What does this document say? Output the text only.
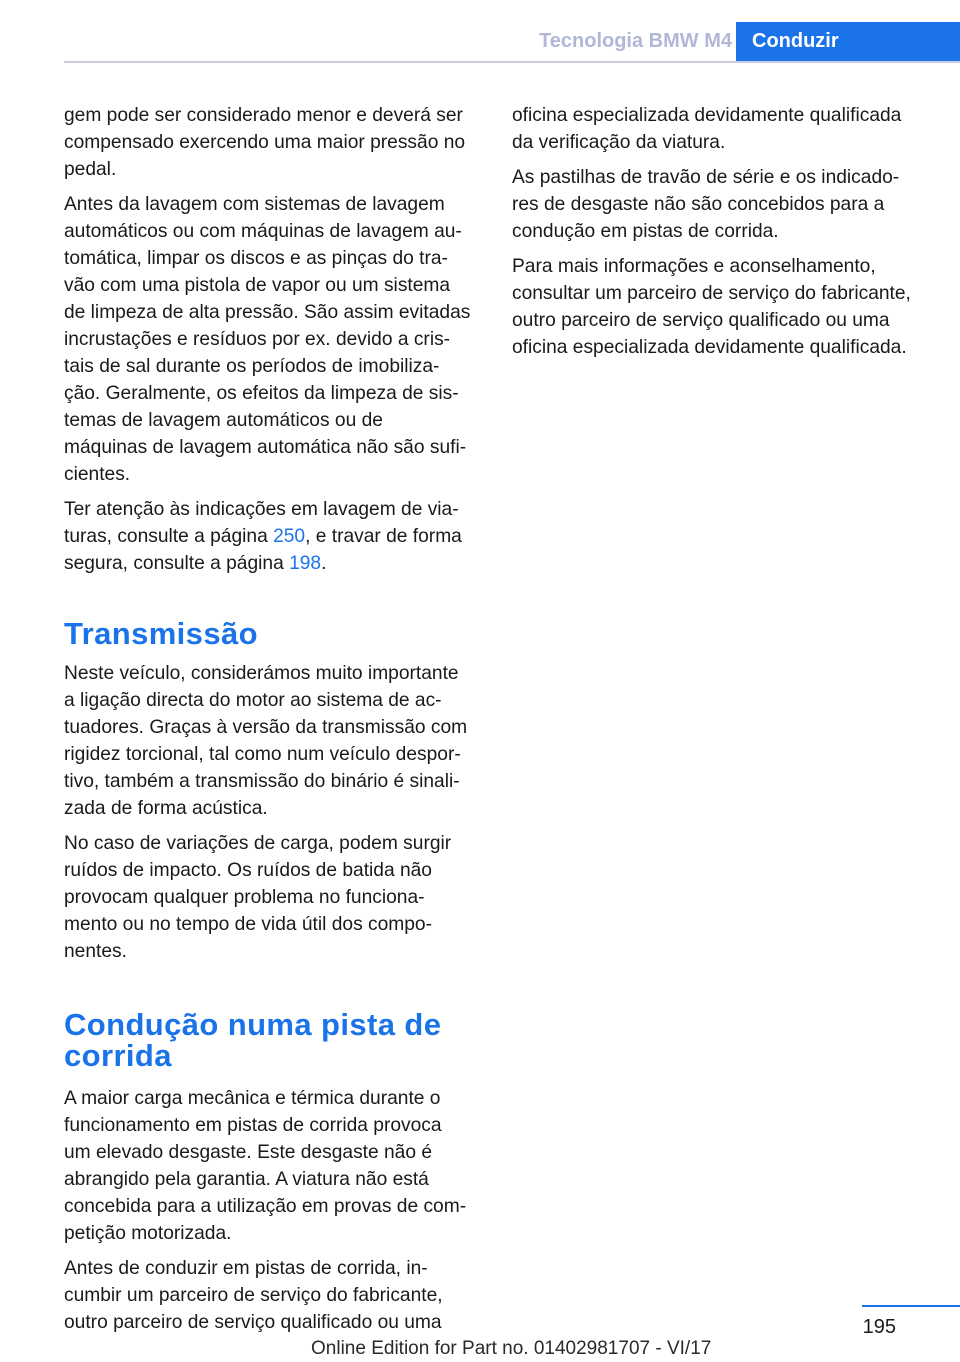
Tecnologia BMW M4	Conduzir

gem pode ser considerado menor e deverá ser
compensado exercendo uma maior pressão no
pedal.

Antes da lavagem com sistemas de lavagem
automáticos ou com máquinas de lavagem au‐
tomática, limpar os discos e as pinças do tra‐
vão com uma pistola de vapor ou um sistema
de limpeza de alta pressão. São assim evitadas
incrustações e resíduos por ex. devido a cris‐
tais de sal durante os períodos de imobiliza‐
ção. Geralmente, os efeitos da limpeza de sis‐
temas de lavagem automáticos ou de
máquinas de lavagem automática não são sufi‐
cientes.

Ter atenção às indicações em lavagem de via‐
turas, consulte a página 250, e travar de forma
segura, consulte a página 198.

Transmissão

Neste veículo, considerámos muito importante
a ligação directa do motor ao sistema de ac‐
tuadores. Graças à versão da transmissão com
rigidez torcional, tal como num veículo despor‐
tivo, também a transmissão do binário é sinali‐
zada de forma acústica.

No caso de variações de carga, podem surgir
ruídos de impacto. Os ruídos de batida não
provocam qualquer problema no funciona‐
mento ou no tempo de vida útil dos compo‐
nentes.

Condução numa pista de
corrida

A maior carga mecânica e térmica durante o
funcionamento em pistas de corrida provoca
um elevado desgaste. Este desgaste não é
abrangido pela garantia. A viatura não está
concebida para a utilização em provas de com‐
petição motorizada.

Antes de conduzir em pistas de corrida, in‐
cumbir um parceiro de serviço do fabricante,
outro parceiro de serviço qualificado ou uma

oficina especializada devidamente qualificada
da verificação da viatura.

As pastilhas de travão de série e os indicado‐
res de desgaste não são concebidos para a
condução em pistas de corrida.

Para mais informações e aconselhamento,
consultar um parceiro de serviço do fabricante,
outro parceiro de serviço qualificado ou uma
oficina especializada devidamente qualificada.

195
Online Edition for Part no. 01402981707 - VI/17
